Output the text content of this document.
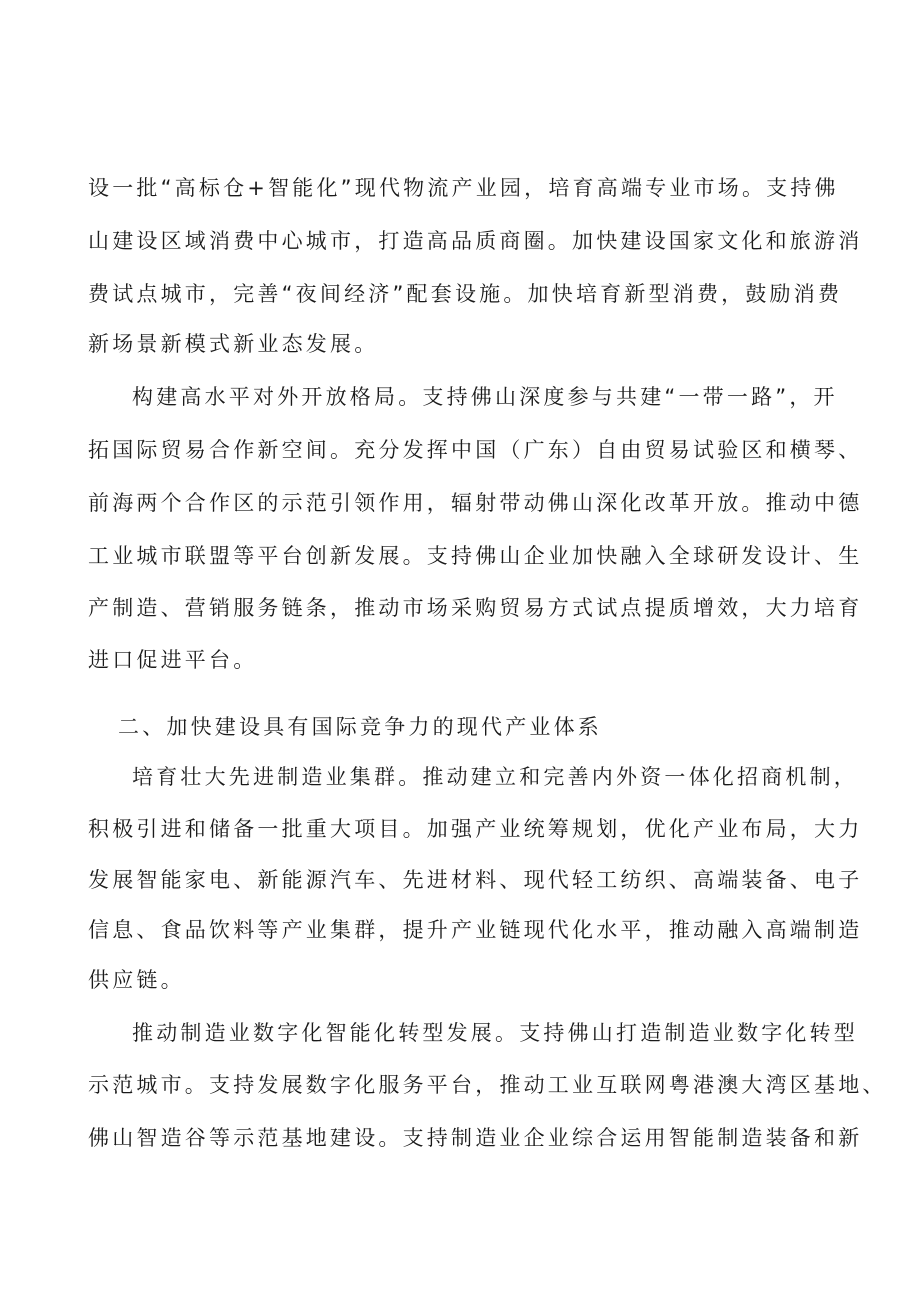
设一批“高标仓+智能化”现代物流产业园，培育高端专业市场。支持佛
山建设区域消费中心城市，打造高品质商圈。加快建设国家文化和旅游消
费试点城市，完善“夜间经济”配套设施。加快培育新型消费，鼓励消费
新场景新模式新业态发展。
构建高水平对外开放格局。支持佛山深度参与共建“一带一路”，开
拓国际贸易合作新空间。充分发挥中国（广东）自由贸易试验区和横琴、
前海两个合作区的示范引领作用，辐射带动佛山深化改革开放。推动中德
工业城市联盟等平台创新发展。支持佛山企业加快融入全球研发设计、生
产制造、营销服务链条，推动市场采购贸易方式试点提质增效，大力培育
进口促进平台。
二、加快建设具有国际竞争力的现代产业体系
培育壮大先进制造业集群。推动建立和完善内外资一体化招商机制，
积极引进和储备一批重大项目。加强产业统筹规划，优化产业布局，大力
发展智能家电、新能源汽车、先进材料、现代轻工纺织、高端装备、电子
信息、食品饮料等产业集群，提升产业链现代化水平，推动融入高端制造
供应链。
推动制造业数字化智能化转型发展。支持佛山打造制造业数字化转型
示范城市。支持发展数字化服务平台，推动工业互联网粤港澳大湾区基地、
佛山智造谷等示范基地建设。支持制造业企业综合运用智能制造装备和新
